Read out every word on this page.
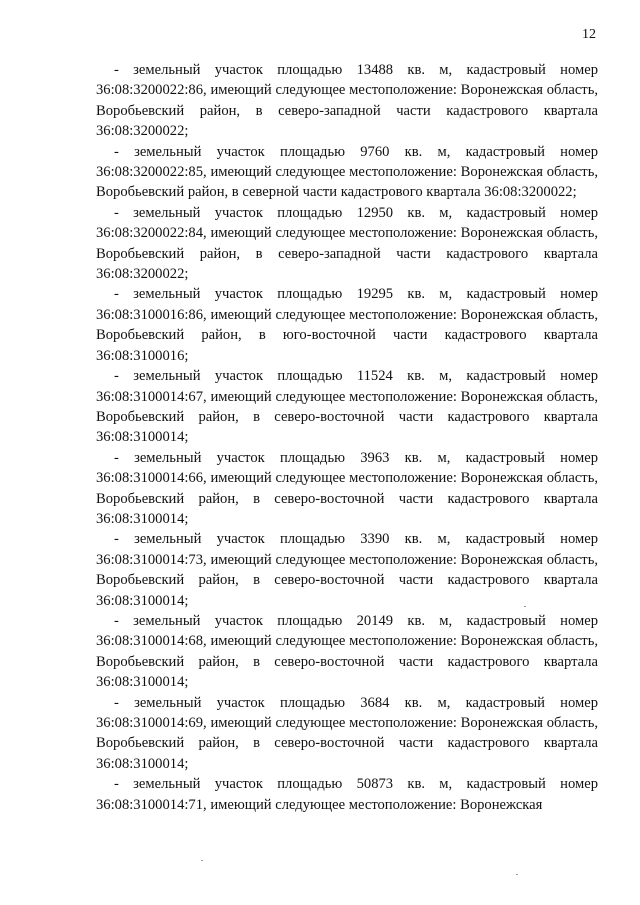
12

- земельный участок площадью 13488 кв. м, кадастровый номер 36:08:3200022:86, имеющий следующее местоположение: Воронежская область, Воробьевский район, в северо-западной части кадастрового квартала 36:08:3200022;

- земельный участок площадью 9760 кв. м, кадастровый номер 36:08:3200022:85, имеющий следующее местоположение: Воронежская область, Воробьевский район, в северной части кадастрового квартала 36:08:3200022;

- земельный участок площадью 12950 кв. м, кадастровый номер 36:08:3200022:84, имеющий следующее местоположение: Воронежская область, Воробьевский район, в северо-западной части кадастрового квартала 36:08:3200022;

- земельный участок площадью 19295 кв. м, кадастровый номер 36:08:3100016:86, имеющий следующее местоположение: Воронежская область, Воробьевский район, в юго-восточной части кадастрового квартала 36:08:3100016;

- земельный участок площадью 11524 кв. м, кадастровый номер 36:08:3100014:67, имеющий следующее местоположение: Воронежская область, Воробьевский район, в северо-восточной части кадастрового квартала 36:08:3100014;

- земельный участок площадью 3963 кв. м, кадастровый номер 36:08:3100014:66, имеющий следующее местоположение: Воронежская область, Воробьевский район, в северо-восточной части кадастрового квартала 36:08:3100014;

- земельный участок площадью 3390 кв. м, кадастровый номер 36:08:3100014:73, имеющий следующее местоположение: Воронежская область, Воробьевский район, в северо-восточной части кадастрового квартала 36:08:3100014;

- земельный участок площадью 20149 кв. м, кадастровый номер 36:08:3100014:68, имеющий следующее местоположение: Воронежская область, Воробьевский район, в северо-восточной части кадастрового квартала 36:08:3100014;

- земельный участок площадью 3684 кв. м, кадастровый номер 36:08:3100014:69, имеющий следующее местоположение: Воронежская область, Воробьевский район, в северо-восточной части кадастрового квартала 36:08:3100014;

- земельный участок площадью 50873 кв. м, кадастровый номер 36:08:3100014:71, имеющий следующее местоположение: Воронежская
